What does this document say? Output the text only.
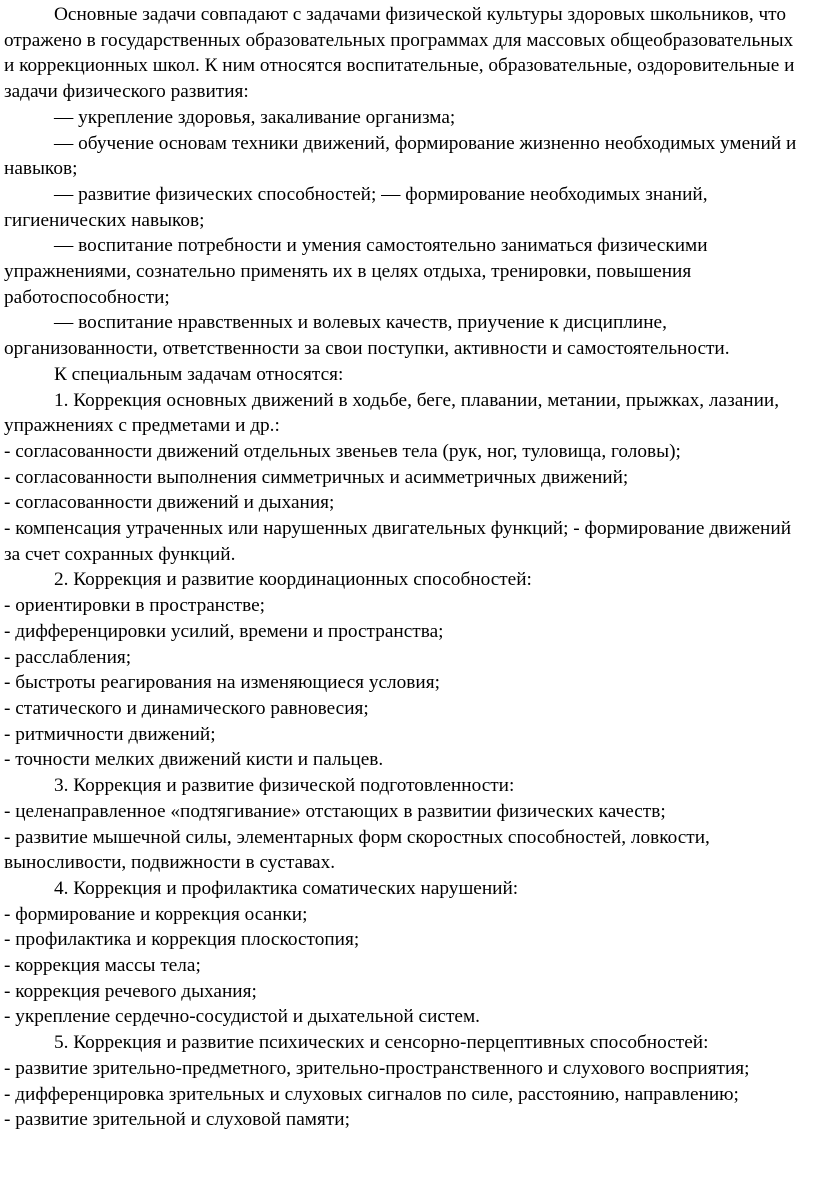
Основные задачи совпадают с задачами физической культуры здоровых школьников, что отражено в государственных образовательных программах для массовых общеобразовательных и коррекционных школ. К ним относятся воспитательные, образовательные, оздоровительные и задачи физического развития:

— укрепление здоровья, закаливание организма;

— обучение основам техники движений, формирование жизненно необходимых умений и навыков;

— развитие физических способностей; — формирование необходимых знаний, гигиенических навыков;

— воспитание потребности и умения самостоятельно заниматься физическими упражнениями, сознательно применять их в целях отдыха, тренировки, повышения работоспособности;

— воспитание нравственных и волевых качеств, приучение к дисциплине, организованности, ответственности за свои поступки, активности и самостоятельности.

К специальным задачам относятся:

1. Коррекция основных движений в ходьбе, беге, плавании, метании, прыжках, лазании, упражнениях с предметами и др.:

- согласованности движений отдельных звеньев тела (рук, ног, туловища, головы);

- согласованности выполнения симметричных и асимметричных движений;

- согласованности движений и дыхания;

- компенсация утраченных или нарушенных двигательных функций; - формирование движений за счет сохранных функций.

2. Коррекция и развитие координационных способностей:

- ориентировки в пространстве;

- дифференцировки усилий, времени и пространства;

- расслабления;

- быстроты реагирования на изменяющиеся условия;

- статического и динамического равновесия;

- ритмичности движений;

- точности мелких движений кисти и пальцев.

3. Коррекция и развитие физической подготовленности:

- целенаправленное «подтягивание» отстающих в развитии физических качеств;

- развитие мышечной силы, элементарных форм скоростных способностей, ловкости, выносливости, подвижности в суставах.

4. Коррекция и профилактика соматических нарушений:

- формирование и коррекция осанки;

- профилактика и коррекция плоскостопия;

- коррекция массы тела;

- коррекция речевого дыхания;

- укрепление сердечно-сосудистой и дыхательной систем.

5. Коррекция и развитие психических и сенсорно-перцептивных способностей:

- развитие зрительно-предметного, зрительно-пространственного и слухового восприятия;

- дифференцировка зрительных и слуховых сигналов по силе, расстоянию, направлению;

- развитие зрительной и слуховой памяти;
